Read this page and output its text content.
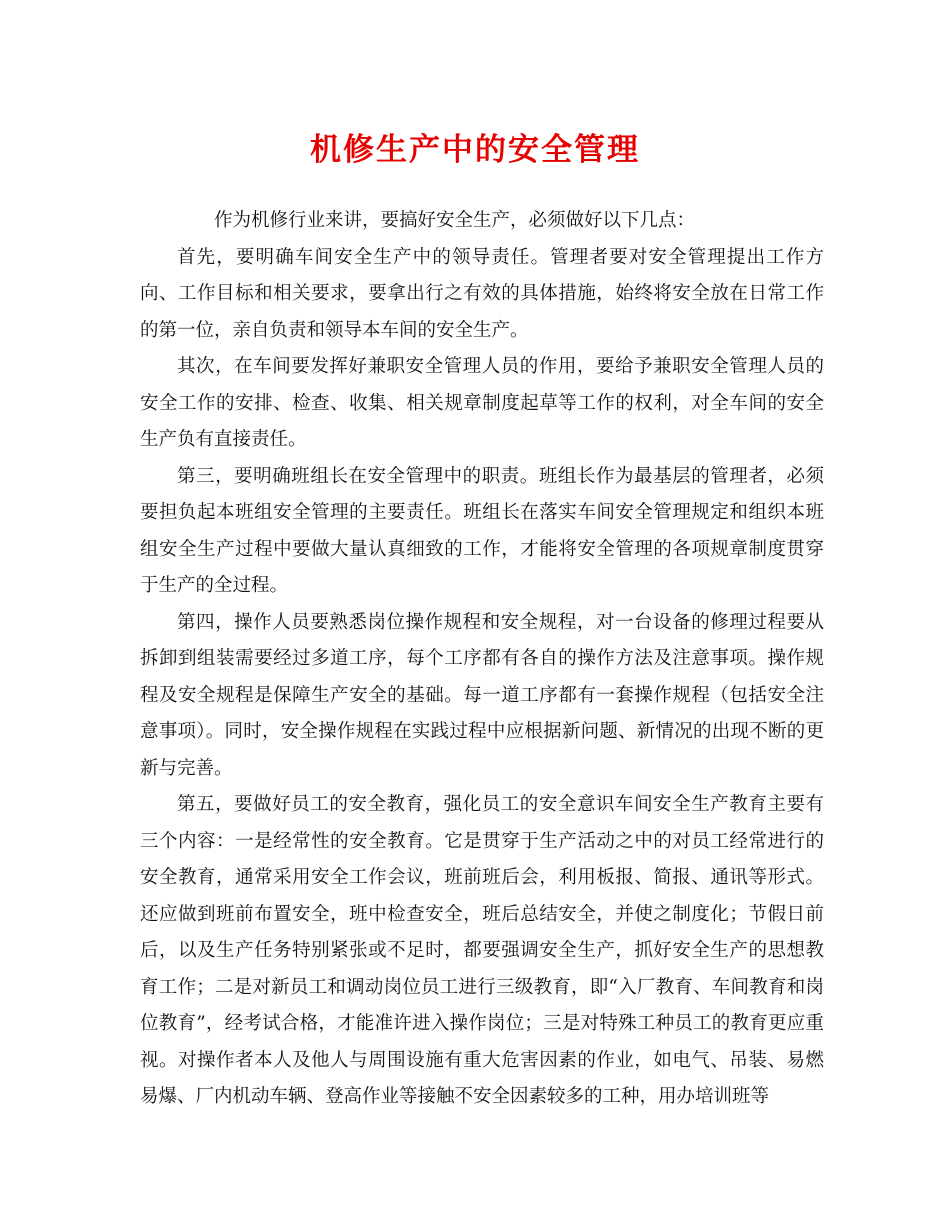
机修生产中的安全管理

作为机修行业来讲，要搞好安全生产，必须做好以下几点：

首先，要明确车间安全生产中的领导责任。管理者要对安全管理提出工作方向、工作目标和相关要求，要拿出行之有效的具体措施，始终将安全放在日常工作的第一位，亲自负责和领导本车间的安全生产。

其次，在车间要发挥好兼职安全管理人员的作用，要给予兼职安全管理人员的安全工作的安排、检查、收集、相关规章制度起草等工作的权利，对全车间的安全生产负有直接责任。

第三，要明确班组长在安全管理中的职责。班组长作为最基层的管理者，必须要担负起本班组安全管理的主要责任。班组长在落实车间安全管理规定和组织本班组安全生产过程中要做大量认真细致的工作，才能将安全管理的各项规章制度贯穿于生产的全过程。

第四，操作人员要熟悉岗位操作规程和安全规程，对一台设备的修理过程要从拆卸到组装需要经过多道工序，每个工序都有各自的操作方法及注意事项。操作规程及安全规程是保障生产安全的基础。每一道工序都有一套操作规程（包括安全注意事项）。同时，安全操作规程在实践过程中应根据新问题、新情况的出现不断的更新与完善。

第五，要做好员工的安全教育，强化员工的安全意识车间安全生产教育主要有三个内容：一是经常性的安全教育。它是贯穿于生产活动之中的对员工经常进行的安全教育，通常采用安全工作会议，班前班后会，利用板报、简报、通讯等形式。还应做到班前布置安全，班中检查安全，班后总结安全，并使之制度化；节假日前后，以及生产任务特别紧张或不足时，都要强调安全生产，抓好安全生产的思想教育工作；二是对新员工和调动岗位员工进行三级教育，即“入厂教育、车间教育和岗位教育”，经考试合格，才能准许进入操作岗位；三是对特殊工种员工的教育更应重视。对操作者本人及他人与周围设施有重大危害因素的作业，如电气、吊装、易燃易爆、厂内机动车辆、登高作业等接触不安全因素较多的工种，用办培训班等
